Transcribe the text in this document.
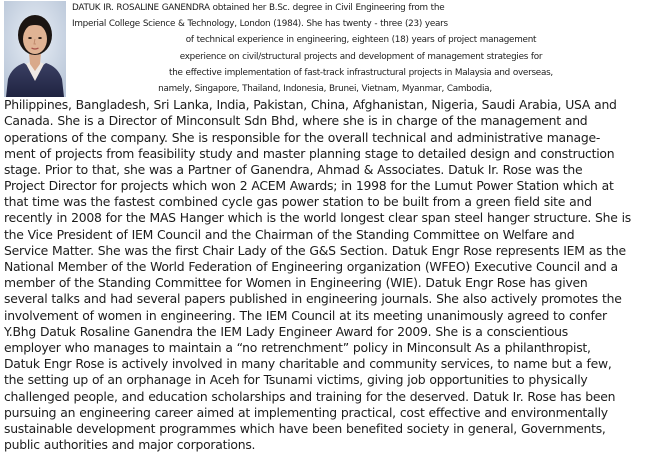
DATUK IR. ROSALINE GANENDRA obtained her B.Sc. degree in Civil Engineering from the
Imperial College Science & Technology, London (1984). She has twenty - three (23) years
of technical experience in engineering, eighteen (18) years of project management
experience on civil/structural projects and development of management strategies for
the effective implementation of fast-track infrastructural projects in Malaysia and overseas,
namely, Singapore, Thailand, Indonesia, Brunei, Vietnam, Myanmar, Cambodia,
Philippines, Bangladesh, Sri Lanka, India, Pakistan, China, Afghanistan, Nigeria, Saudi Arabia, USA and
Canada. She is a Director of Minconsult Sdn Bhd, where she is in charge of the management and
operations of the company. She is responsible for the overall technical and administrative manage-
ment of projects from feasibility study and master planning stage to detailed design and construction
stage. Prior to that, she was a Partner of Ganendra, Ahmad & Associates. Datuk Ir. Rose was the
Project Director for projects which won 2 ACEM Awards; in 1998 for the Lumut Power Station which at
that time was the fastest combined cycle gas power station to be built from a green field site and
recently in 2008 for the MAS Hanger which is the world longest clear span steel hanger structure. She is
the Vice President of IEM Council and the Chairman of the Standing Committee on Welfare and
Service Matter. She was the first Chair Lady of the G&S Section. Datuk Engr Rose represents IEM as the
National Member of the World Federation of Engineering organization (WFEO) Executive Council and a
member of the Standing Committee for Women in Engineering (WIE). Datuk Engr Rose has given
several talks and had several papers published in engineering journals. She also actively promotes the
involvement of women in engineering. The IEM Council at its meeting unanimously agreed to confer
Y.Bhg Datuk Rosaline Ganendra the IEM Lady Engineer Award for 2009. She is a conscientious
employer who manages to maintain a “no retrenchment” policy in Minconsult As a philanthropist,
Datuk Engr Rose is actively involved in many charitable and community services, to name but a few,
the setting up of an orphanage in Aceh for Tsunami victims, giving job opportunities to physically
challenged people, and education scholarships and training for the deserved. Datuk Ir. Rose has been
pursuing an engineering career aimed at implementing practical, cost effective and environmentally
sustainable development programmes which have been benefited society in general, Governments,
public authorities and major corporations.
